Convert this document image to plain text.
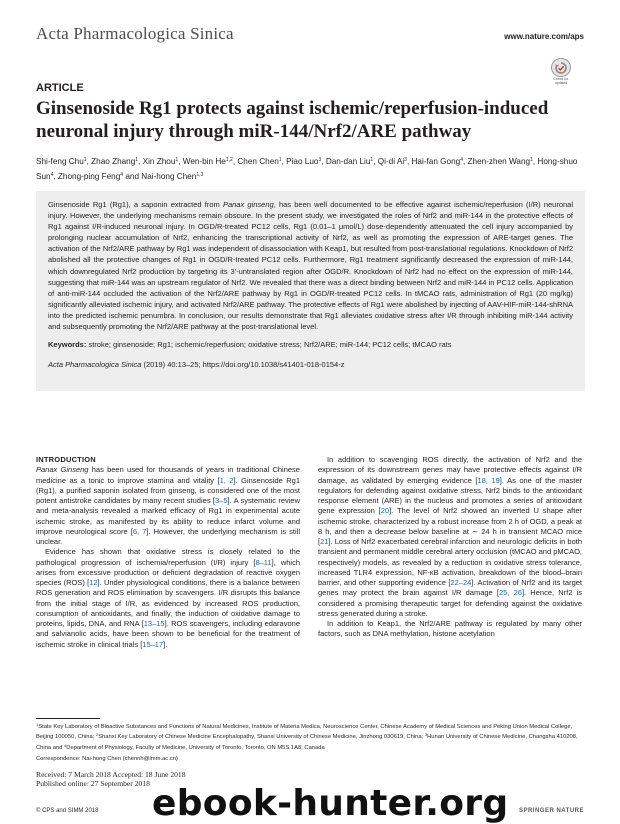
Acta Pharmacologica Sinica	www.nature.com/aps
Check for updates
ARTICLE
Ginsenoside Rg1 protects against ischemic/reperfusion-induced neuronal injury through miR-144/Nrf2/ARE pathway
Shi-feng Chu$^1$, Zhao Zhang$^1$, Xin Zhou$^1$, Wen-bin He$^{1,2}$, Chen Chen$^1$, Piao Luo$^3$, Dan-dan Liu$^1$, Qi-di Ai$^3$, Hai-fan Gong$^4$, Zhen-zhen Wang$^1$, Hong-shuo Sun$^4$, Zhong-ping Feng$^4$ and Nai-hong Chen$^{1,3}$

Ginsenoside Rg1 (Rg1), a saponin extracted from Panax ginseng, has been well documented to be effective against ischemic/reperfusion (I/R) neuronal injury. However, the underlying mechanisms remain obscure. In the present study, we investigated the roles of Nrf2 and miR-144 in the protective effects of Rg1 against I/R-induced neuronal injury. In OGD/R-treated PC12 cells, Rg1 (0.01–1 μmol/L) dose-dependently attenuated the cell injury accompanied by prolonging nuclear accumulation of Nrf2, enhancing the transcriptional activity of Nrf2, as well as promoting the expression of ARE-target genes. The activation of the Nrf2/ARE pathway by Rg1 was independent of disassociation with Keap1, but resulted from post-translational regulations. Knockdown of Nrf2 abolished all the protective changes of Rg1 in OGD/R-treated PC12 cells. Furthermore, Rg1 treatment significantly decreased the expression of miR-144, which downregulated Nrf2 production by targeting its 3′-untranslated region after OGD/R. Knockdown of Nrf2 had no effect on the expression of miR-144, suggesting that miR-144 was an upstream regulator of Nrf2. We revealed that there was a direct binding between Nrf2 and miR-144 in PC12 cells. Application of anti-miR-144 occluded the activation of the Nrf2/ARE pathway by Rg1 in OGD/R-treated PC12 cells. In tMCAO rats, administration of Rg1 (20 mg/kg) significantly alleviated ischemic injury, and activated Nrf2/ARE pathway. The protective effects of Rg1 were abolished by injecting of AAV-HIF-miR-144-shRNA into the predicted ischemic penumbra. In conclusion, our results demonstrate that Rg1 alleviates oxidative stress after I/R through inhibiting miR-144 activity and subsequently promoting the Nrf2/ARE pathway at the post-translational level.

Keywords: stroke; ginsenoside; Rg1; ischemic/reperfusion; oxidative stress; Nrf2/ARE; miR-144; PC12 cells; tMCAO rats

Acta Pharmacologica Sinica (2019) 40:13–25; https://doi.org/10.1038/s41401-018-0154-z

INTRODUCTION

Panax Ginseng has been used for thousands of years in traditional Chinese medicine as a tonic to improve stamina and vitality [1, 2]. Ginsenoside Rg1 (Rg1), a purified saponin isolated from ginseng, is considered one of the most potent antistroke candidates by many recent studies [3–5]. A systematic review and meta-analysis revealed a marked efficacy of Rg1 in experimental acute ischemic stroke, as manifested by its ability to reduce infarct volume and improve neurological score [6, 7]. However, the underlying mechanism is still unclear.

Evidence has shown that oxidative stress is closely related to the pathological progression of ischemia/reperfusion (I/R) injury [8–11], which arises from excessive production or deficient degradation of reactive oxygen species (ROS) [12]. Under physiological conditions, there is a balance between ROS generation and ROS elimination by scavengers. I/R disrupts this balance from the initial stage of I/R, as evidenced by increased ROS production, consumption of antioxidants, and finally, the induction of oxidative damage to proteins, lipids, DNA, and RNA [13–15]. ROS scavengers, including edaravone and salvianolic acids, have been shown to be beneficial for the treatment of ischemic stroke in clinical trials [15–17].

In addition to scavenging ROS directly, the activation of Nrf2 and the expression of its downstream genes may have protective effects against I/R damage, as validated by emerging evidence [18, 19]. As one of the master regulators for defending against oxidative stress, Nrf2 binds to the antioxidant response element (ARE) in the nucleus and promotes a series of antioxidant gene expression [20]. The level of Nrf2 showed an inverted U shape after ischemic stroke, characterized by a robust increase from 2 h of OGD, a peak at 8 h, and then a decrease below baseline at ∼ 24 h in transient MCAO mice [21]. Loss of Nrf2 exacerbated cerebral infarction and neurologic deficits in both transient and permanent middle cerebral artery occlusion (tMCAO and pMCAO, respectively) models, as revealed by a reduction in oxidative stress tolerance, increased TLR4 expression, NF-κB activation, breakdown of the blood–brain barrier, and other supporting evidence [22–24]. Activation of Nrf2 and its target genes may protect the brain against I/R damage [25, 26]. Hence, Nrf2 is considered a promising therapeutic target for defending against the oxidative stress generated during a stroke.

In addition to Keap1, the Nrf2/ARE pathway is regulated by many other factors, such as DNA methylation, histone acetylation

$^1$State Key Laboratory of Bioactive Substances and Functions of Natural Medicines, Institute of Materia Medica, Neuroscience Center, Chinese Academy of Medical Sciences and Peking Union Medical College, Beijing 100050, China; $^2$Shanxi Key Laboratory of Chinese Medicine Encephalopathy, Shanxi University of Chinese Medicine, Jinzhong 030619, China; $^3$Hunan University of Chinese Medicine, Changsha 410208, China and $^4$Department of Physiology, Faculty of Medicine, University of Toronto, Toronto, ON M5S 1A8, Canada
Correspondence: Nai-hong Chen (chennh@imm.ac.cn)
Received: 7 March 2018 Accepted: 18 June 2018
Published online: 27 September 2018
© CPS and SIMM 2018 ebook-hunter.org SPRINGER NATURE
